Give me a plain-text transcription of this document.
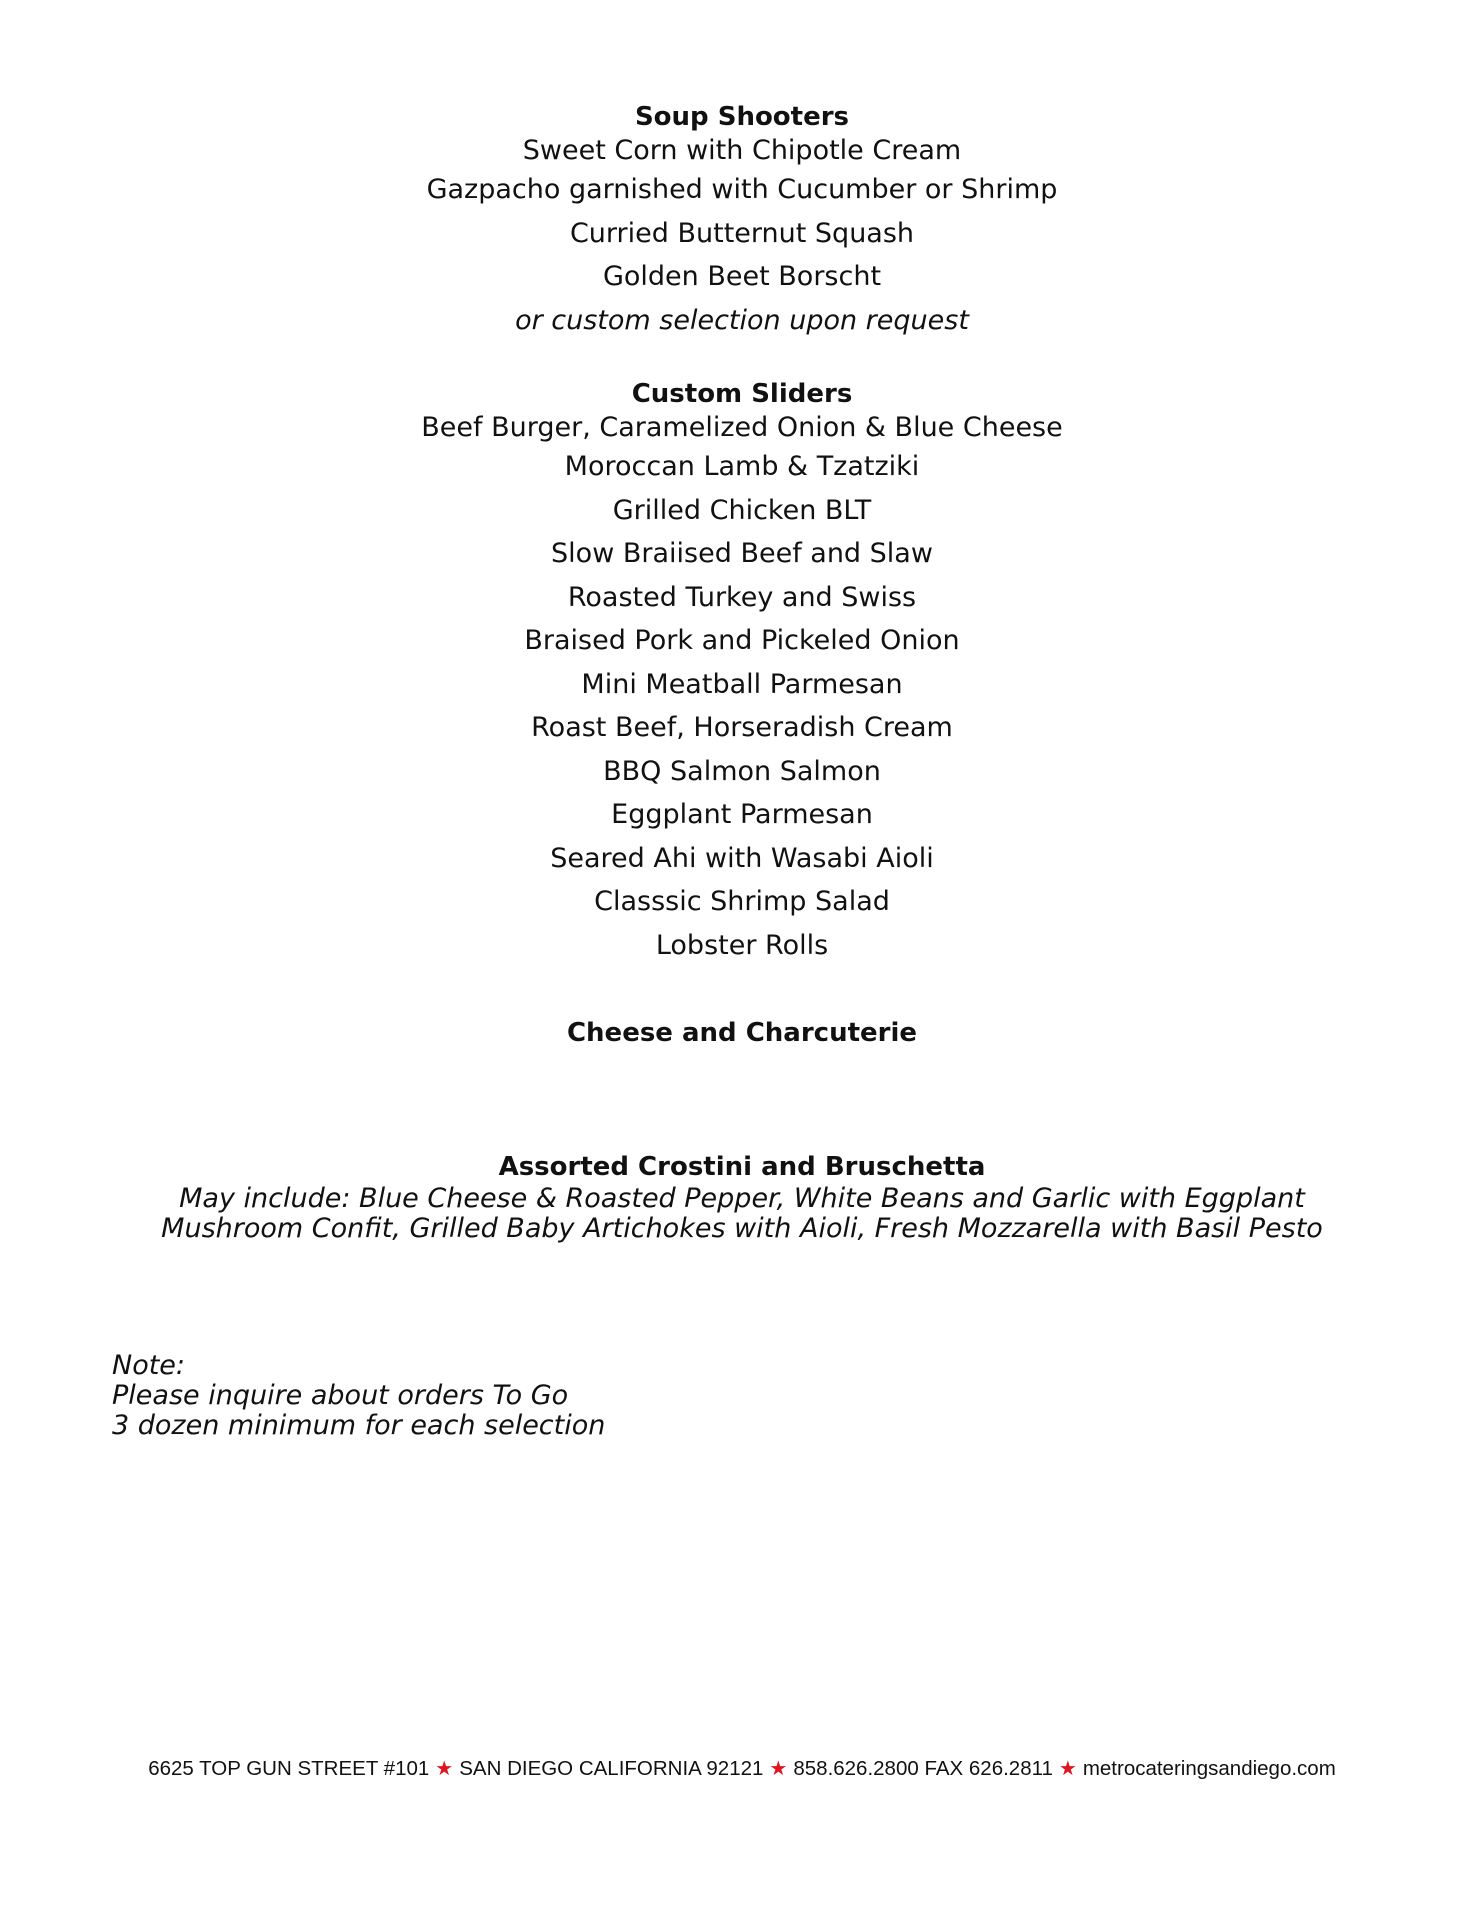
Soup Shooters
Sweet Corn with Chipotle Cream
Gazpacho garnished with Cucumber or Shrimp
Curried Butternut Squash
Golden Beet Borscht
or custom selection upon request
Custom Sliders
Beef Burger, Caramelized Onion & Blue Cheese
Moroccan Lamb & Tzatziki
Grilled Chicken BLT
Slow Braiised Beef and Slaw
Roasted Turkey and Swiss
Braised Pork and Pickeled Onion
Mini Meatball Parmesan
Roast Beef, Horseradish Cream
BBQ Salmon Salmon
Eggplant Parmesan
Seared Ahi with Wasabi Aioli
Classsic Shrimp Salad
Lobster Rolls
Cheese and Charcuterie
Assorted Crostini and Bruschetta
May include: Blue Cheese & Roasted Pepper, White Beans and Garlic with Eggplant
Mushroom Confit, Grilled Baby Artichokes with Aioli, Fresh Mozzarella with Basil Pesto
Note:
Please inquire about orders To Go
3 dozen minimum for each selection
6625 TOP GUN STREET #101 ★ SAN DIEGO CALIFORNIA 92121 ★ 858.626.2800 FAX 626.2811 ★ metrocateringsandiego.com
